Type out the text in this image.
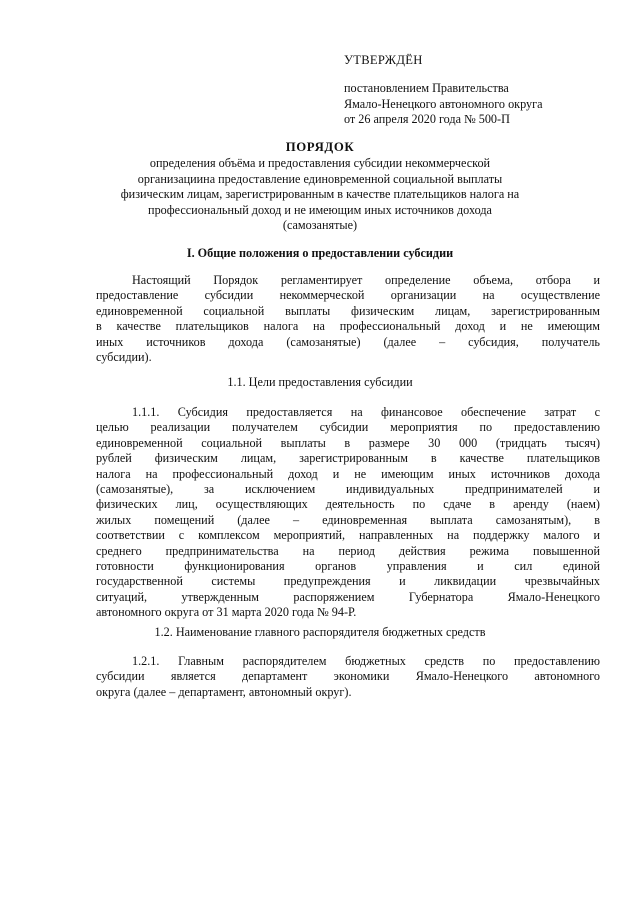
УТВЕРЖДЁН
постановлением Правительства
Ямало-Ненецкого автономного округа
от 26 апреля 2020 года № 500-П
ПОРЯДОК
определения объёма и предоставления субсидии некоммерческой
организациина предоставление единовременной социальной выплаты
физическим лицам, зарегистрированным в качестве плательщиков налога на
профессиональный доход и не имеющим иных источников дохода
(самозанятые)
I. Общие положения о предоставлении субсидии
Настоящий Порядок регламентирует определение объема, отбора и
предоставление субсидии некоммерческой организации на осуществление
единовременной социальной выплаты физическим лицам, зарегистрированным
в качестве плательщиков налога на профессиональный доход и не имеющим
иных источников дохода (самозанятые) (далее – субсидия, получатель
субсидии).
1.1. Цели предоставления субсидии
1.1.1. Субсидия предоставляется на финансовое обеспечение затрат с
целью реализации получателем субсидии мероприятия по предоставлению
единовременной социальной выплаты в размере 30 000 (тридцать тысяч)
рублей физическим лицам, зарегистрированным в качестве плательщиков
налога на профессиональный доход и не имеющим иных источников дохода
(самозанятые), за исключением индивидуальных предпринимателей и
физических лиц, осуществляющих деятельность по сдаче в аренду (наем)
жилых помещений (далее – единовременная выплата самозанятым), в
соответствии с комплексом мероприятий, направленных на поддержку малого и
среднего предпринимательства на период действия режима повышенной
готовности функционирования органов управления и сил единой
государственной системы предупреждения и ликвидации чрезвычайных
ситуаций, утвержденным распоряжением Губернатора Ямало-Ненецкого
автономного округа от 31 марта 2020 года № 94-Р.
1.2. Наименование главного распорядителя бюджетных средств
1.2.1. Главным распорядителем бюджетных средств по предоставлению
субсидии является департамент экономики Ямало-Ненецкого автономного
округа (далее – департамент, автономный округ).
